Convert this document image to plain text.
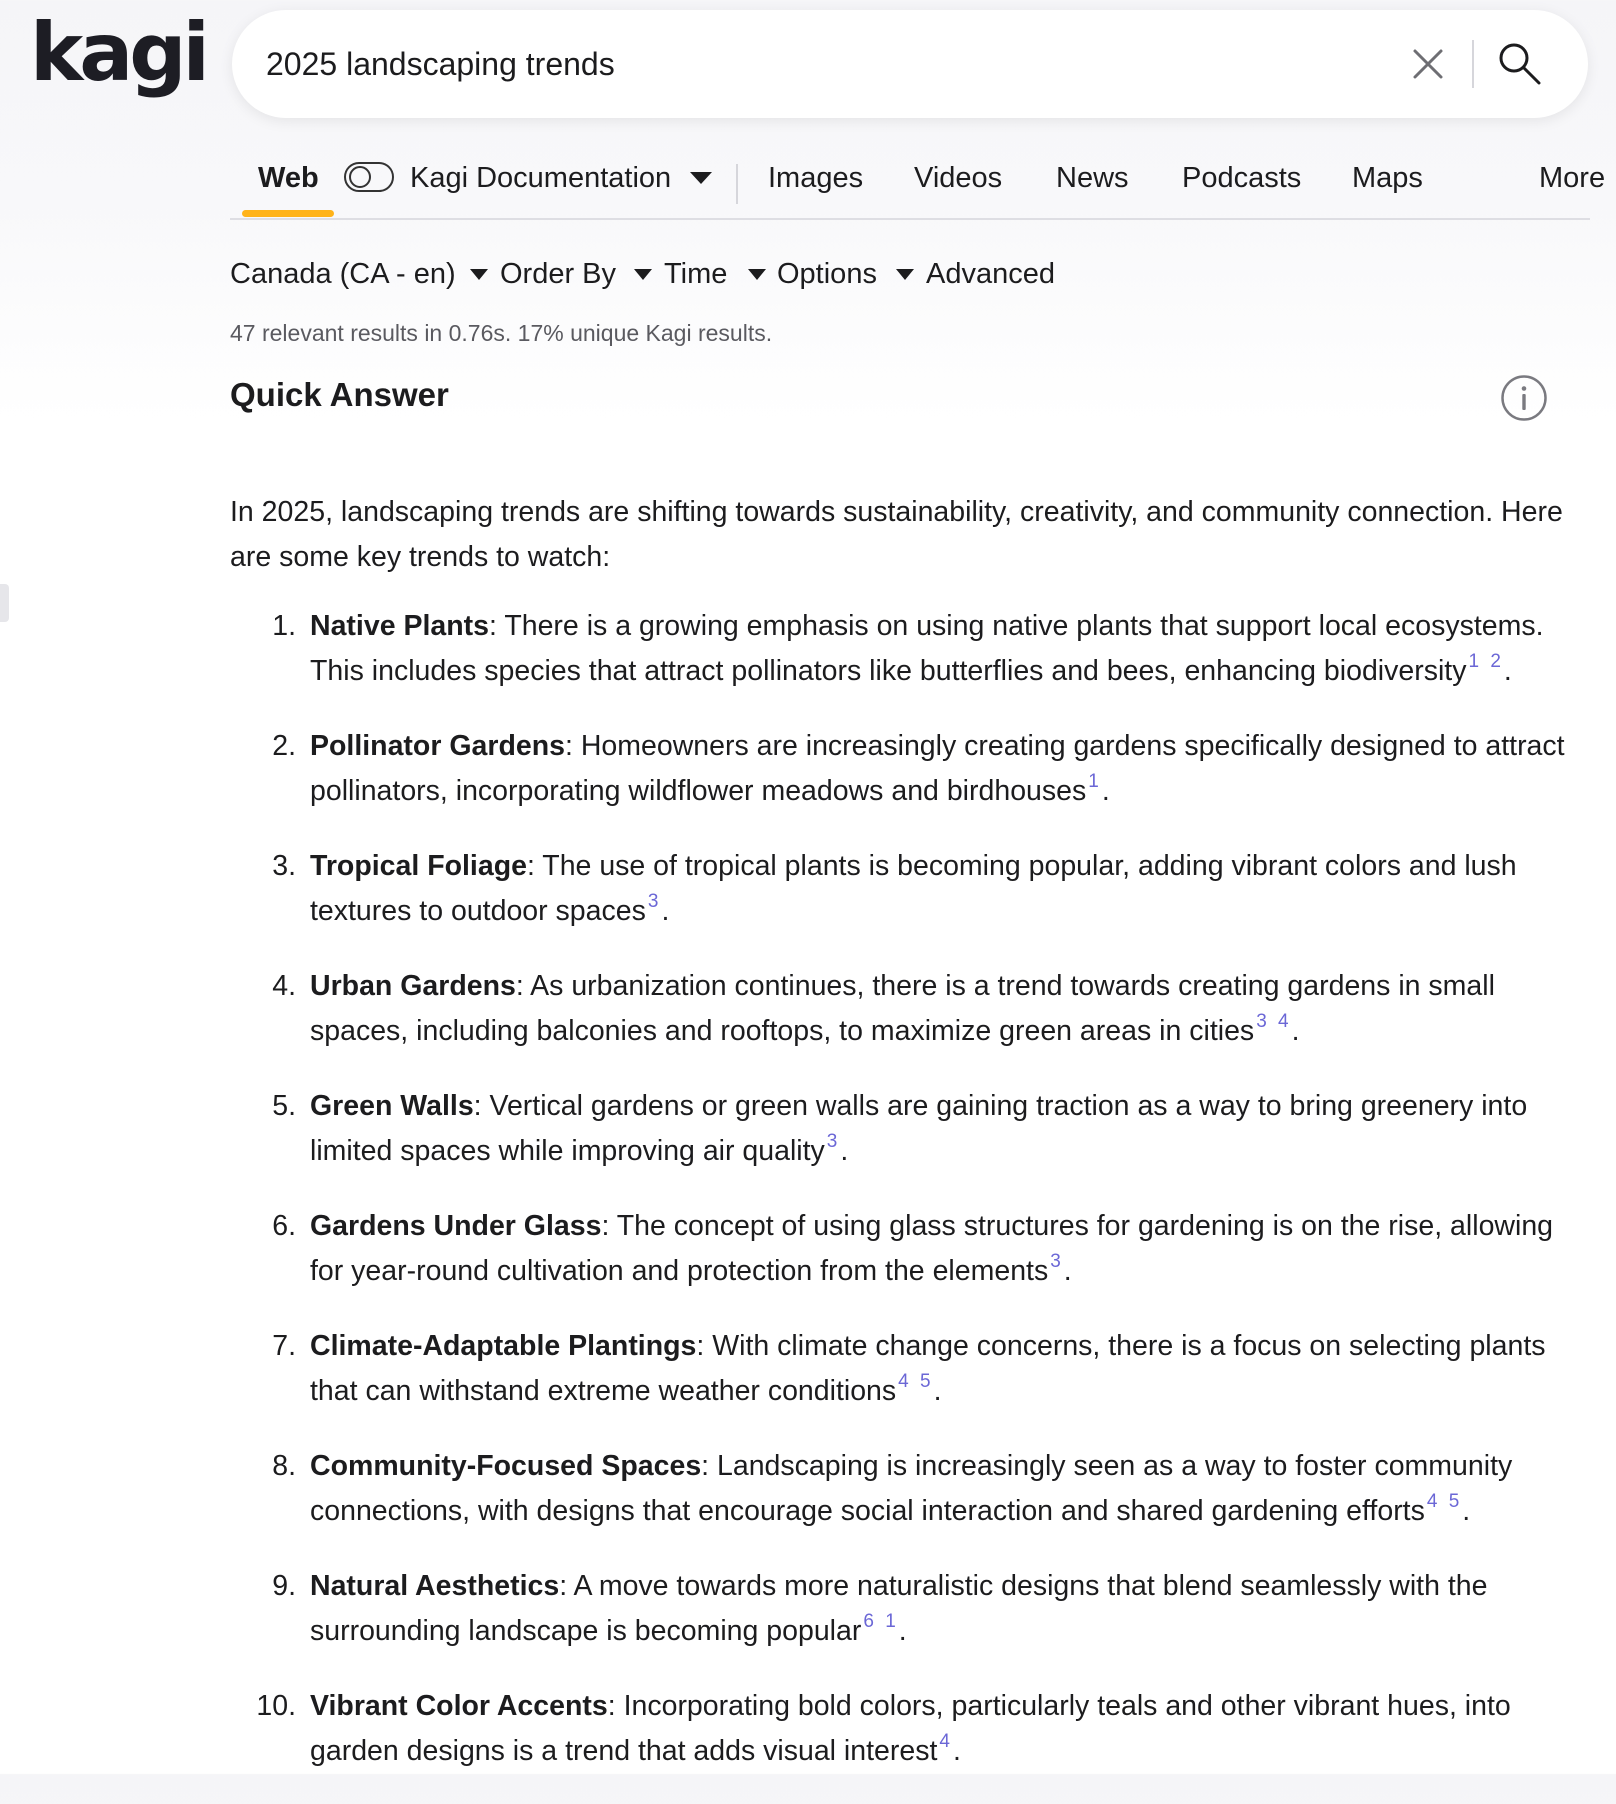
kagi
2025 landscaping trends
Web	Kagi Documentation	Images Videos News Podcasts Maps	More
Canada (CA - en) Order By Time Options Advanced
47 relevant results in 0.76s. 17% unique Kagi results.
Quick Answer

In 2025, landscaping trends are shifting towards sustainability, creativity, and community connection. Here are some key trends to watch:

1. Native Plants: There is a growing emphasis on using native plants that support local ecosystems. This includes species that attract pollinators like butterflies and bees, enhancing biodiversity $^{1 2}$.
2. Pollinator Gardens: Homeowners are increasingly creating gardens specifically designed to attract pollinators, incorporating wildflower meadows and birdhouses $^1$.
3. Tropical Foliage: The use of tropical plants is becoming popular, adding vibrant colors and lush textures to outdoor spaces $^3$.
4. Urban Gardens: As urbanization continues, there is a trend towards creating gardens in small spaces, including balconies and rooftops, to maximize green areas in cities $^{3 4}$.
5. Green Walls: Vertical gardens or green walls are gaining traction as a way to bring greenery into limited spaces while improving air quality $^3$.
6. Gardens Under Glass: The concept of using glass structures for gardening is on the rise, allowing for year-round cultivation and protection from the elements $^3$.
7. Climate-Adaptable Plantings: With climate change concerns, there is a focus on selecting plants that can withstand extreme weather conditions $^{4 5}$.
8. Community-Focused Spaces: Landscaping is increasingly seen as a way to foster community connections, with designs that encourage social interaction and shared gardening efforts $^{4 5}$.
9. Natural Aesthetics: A move towards more naturalistic designs that blend seamlessly with the surrounding landscape is becoming popular $^{6 1}$.
10. Vibrant Color Accents: Incorporating bold colors, particularly teals and other vibrant hues, into garden designs is a trend that adds visual interest $^4$.
